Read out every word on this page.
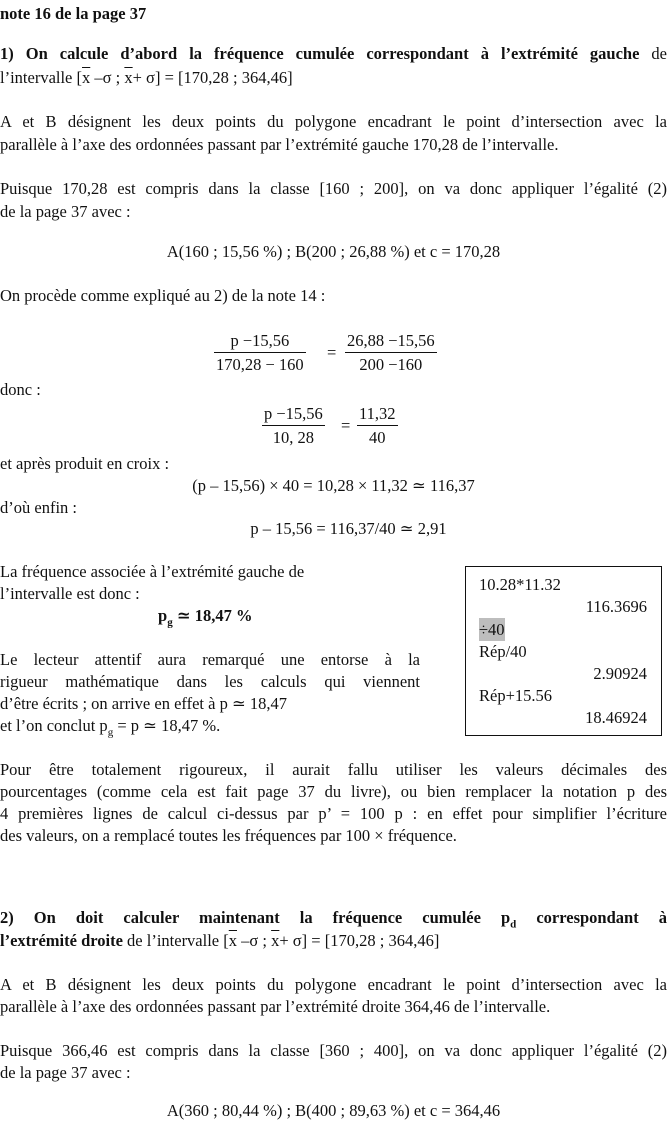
note 16 de la page 37
1) On calcule d’abord la fréquence cumulée correspondant à l’extrémité gauche de
l’intervalle [$\overline{x}$ –σ ; $\overline{x}+ \sigma] = [170,28$ ; 364,46]
A et B désignent les deux points du polygone encadrant le point d’intersection avec la
parallèle à l’axe des ordonnées passant par l’extrémité gauche 170,28 de l’intervalle.
Puisque 170,28 est compris dans la classe [160 ; 200], on va donc appliquer l’égalité (2)
de la page 37 avec :
A(160 ; 15,56 %) ; B(200 ; 26,88 %) et c = 170,28
On procède comme expliqué au 2) de la note 14 :
$\frac{p -15,56}{170,28 - 160} = \frac{26,88 -15,56}{200 -160}$
donc :
$\frac{p -15,56}{10, 28} = \frac{11,32}{40}$
et après produit en croix :
(p – 15,56) × 40 = 10,28 × 11,32 ≃ 116,37
d’où enfin :
p – 15,56 = 116,37/40 ≃ 2,91
La fréquence associée à l’extrémité gauche de
l’intervalle est donc :
$p_g$ ≃ 18,47 %
Le lecteur attentif aura remarqué une entorse à la
rigueur mathématique dans les calculs qui viennent
d’être écrits ; on arrive en effet à p ≃ 18,47
et l’on conclut $p_g = p$ ≃ 18,47 %.
10.28*11.32
116.3696
÷40
Rép/40
2.90924
Rép+15.56
18.46924
Pour être totalement rigoureux, il aurait fallu utiliser les valeurs décimales des
pourcentages (comme cela est fait page 37 du livre), ou bien remplacer la notation p des
4 premières lignes de calcul ci-dessus par p’ = 100 p : en effet pour simplifier l’écriture
des valeurs, on a remplacé toutes les fréquences par 100 × fréquence.
2) On doit calculer maintenant la fréquence cumulée $p_d$ correspondant à
l’extrémité droite de l’intervalle [$\overline{x}$ –σ ; $\overline{x}+ \sigma] = [170,28$ ; 364,46]
A et B désignent les deux points du polygone encadrant le point d’intersection avec la
parallèle à l’axe des ordonnées passant par l’extrémité droite 364,46 de l’intervalle.
Puisque 366,46 est compris dans la classe [360 ; 400], on va donc appliquer l’égalité (2)
de la page 37 avec :
A(360 ; 80,44 %) ; B(400 ; 89,63 %) et c = 364,46
